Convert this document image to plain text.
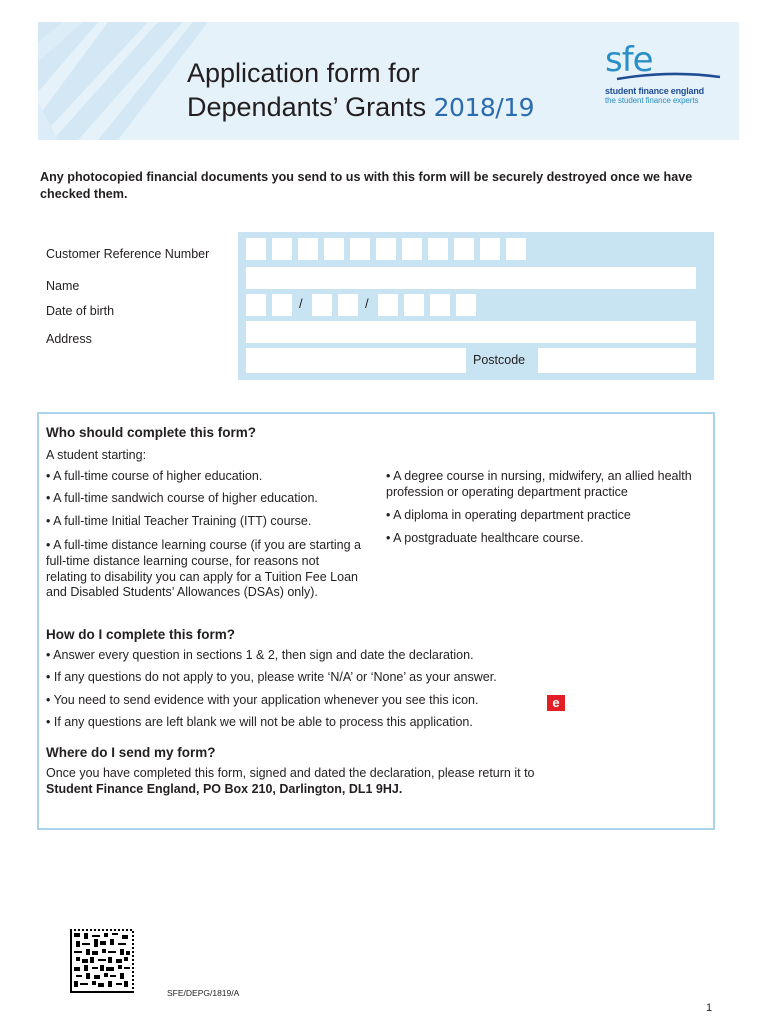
Application form for
Dependants’ Grants 2018/19
sfe
student finance england
the student finance experts
Any photocopied financial documents you send to us with this form will be securely destroyed once we have checked them.
Customer Reference Number
Name
Date of birth
Address
/	/
Postcode
Who should complete this form?
A student starting:
• A full-time course of higher education.
• A full-time sandwich course of higher education.
• A full-time Initial Teacher Training (ITT) course.
• A full-time distance learning course (if you are starting a full-time distance learning course, for reasons not relating to disability you can apply for a Tuition Fee Loan and Disabled Students’ Allowances (DSAs) only).
• A degree course in nursing, midwifery, an allied health profession or operating department practice
• A diploma in operating department practice
• A postgraduate healthcare course.
How do I complete this form?
• Answer every question in sections 1 & 2, then sign and date the declaration.
• If any questions do not apply to you, please write ‘N/A’ or ‘None’ as your answer.
• You need to send evidence with your application whenever you see this icon.	e
• If any questions are left blank we will not be able to process this application.
Where do I send my form?
Once you have completed this form, signed and dated the declaration, please return it to
Student Finance England, PO Box 210, Darlington, DL1 9HJ.
SFE/DEPG/1819/A
1
